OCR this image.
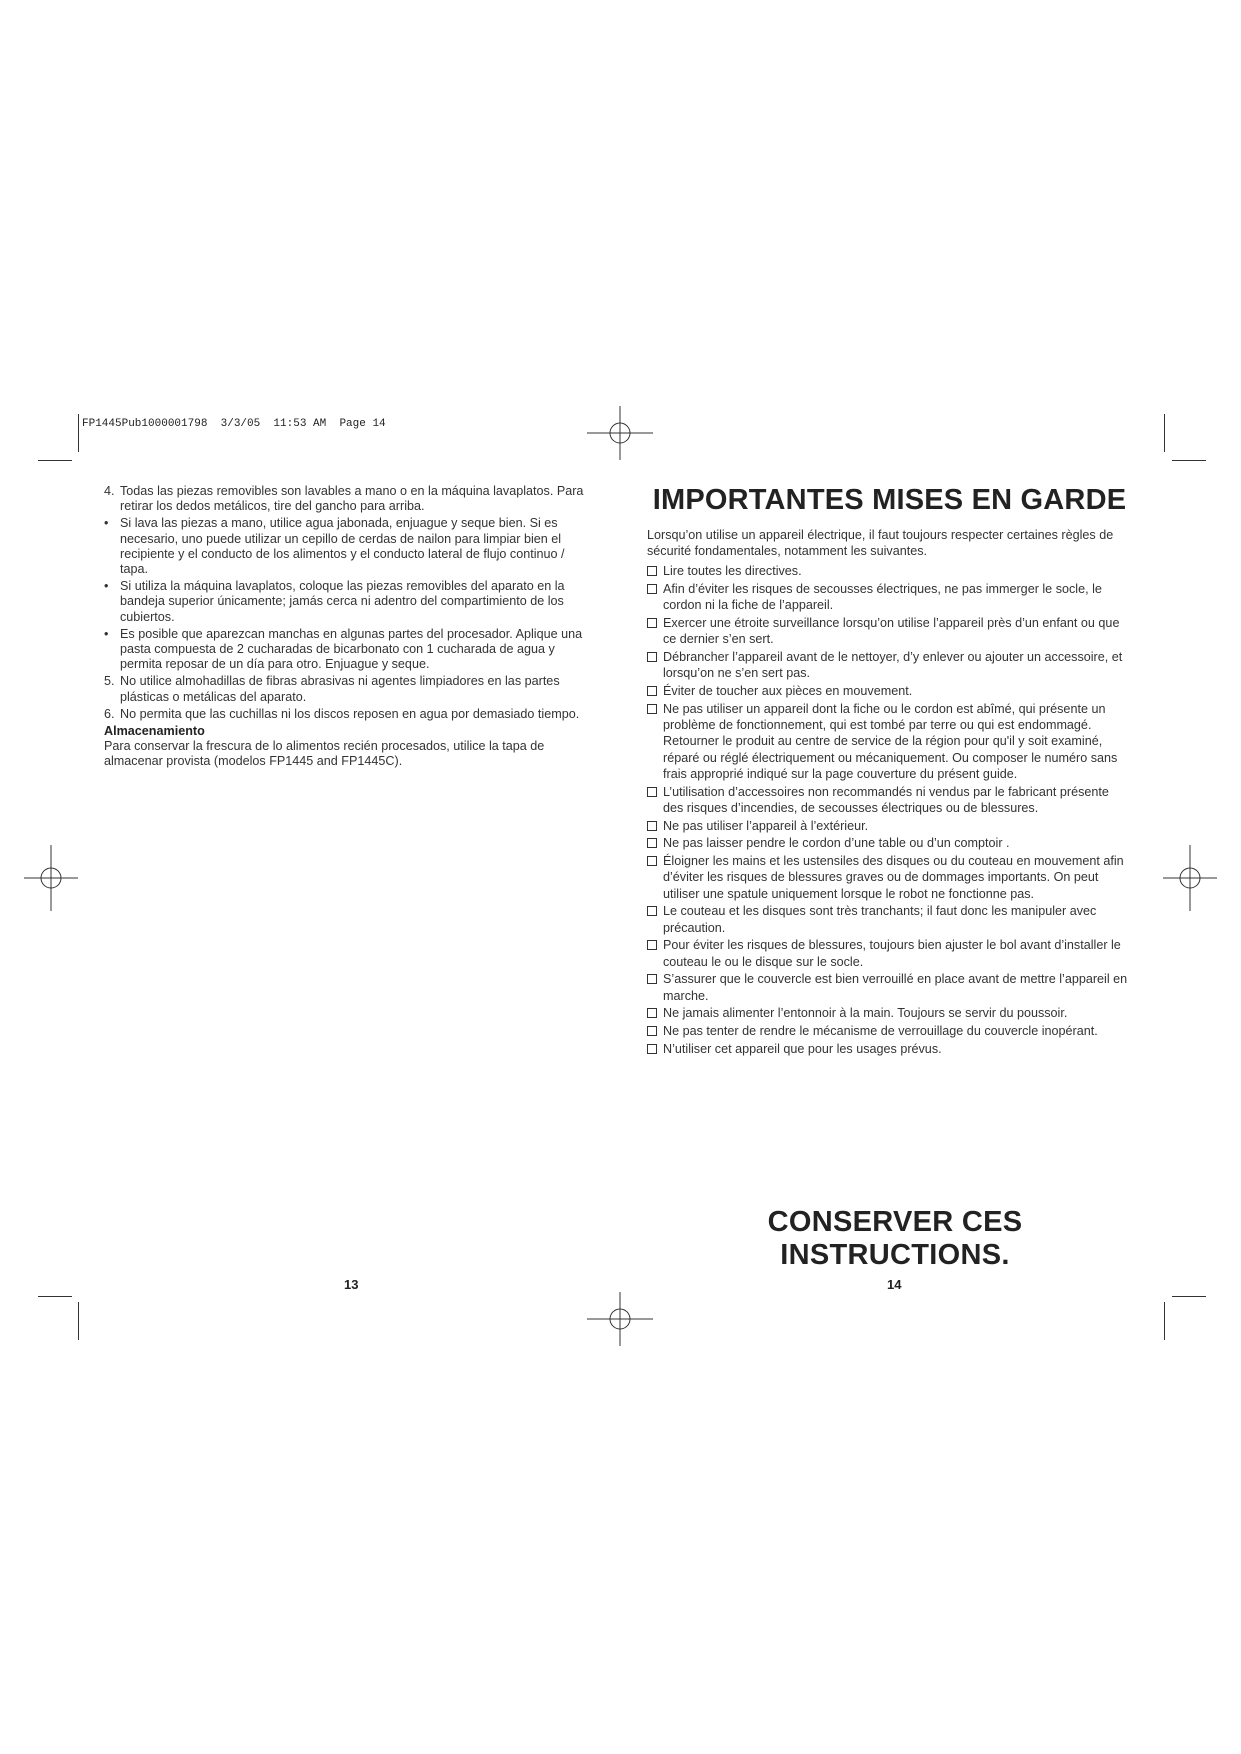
FP1445Pub1000001798  3/3/05  11:53 AM  Page 14
4. Todas las piezas removibles son lavables a mano o en la máquina lavaplatos. Para retirar los dedos metálicos, tire del gancho para arriba.
• Si lava las piezas a mano, utilice agua jabonada, enjuague y seque bien. Si es necesario, uno puede utilizar un cepillo de cerdas de nailon para limpiar bien el recipiente y el conducto de los alimentos y el conducto lateral de flujo continuo / tapa.
• Si utiliza la máquina lavaplatos, coloque las piezas removibles del aparato en la bandeja superior únicamente; jamás cerca ni adentro del compartimiento de los cubiertos.
• Es posible que aparezcan manchas en algunas partes del procesador. Aplique una pasta compuesta de 2 cucharadas de bicarbonato con 1 cucharada de agua y permita reposar de un día para otro. Enjuague y seque.
5. No utilice almohadillas de fibras abrasivas ni agentes limpiadores en las partes plásticas o metálicas del aparato.
6. No permita que las cuchillas ni los discos reposen en agua por demasiado tiempo.
Almacenamiento
Para conservar la frescura de lo alimentos recién procesados, utilice la tapa de almacenar provista (modelos FP1445 and FP1445C).
IMPORTANTES MISES EN GARDE
Lorsqu’on utilise un appareil électrique, il faut toujours respecter certaines règles de sécurité fondamentales, notamment les suivantes.
Lire toutes les directives.
Afin d’éviter les risques de secousses électriques, ne pas immerger le socle, le cordon ni la fiche de l’appareil.
Exercer une étroite surveillance lorsqu’on utilise l’appareil près d’un enfant ou que ce dernier s’en sert.
Débrancher l’appareil avant de le nettoyer, d’y enlever ou ajouter un accessoire, et lorsqu’on ne s’en sert pas.
Éviter de toucher aux pièces en mouvement.
Ne pas utiliser un appareil dont la fiche ou le cordon est abîmé, qui présente un problème de fonctionnement, qui est tombé par terre ou qui est endommagé. Retourner le produit au centre de service de la région pour qu'il y soit examiné, réparé ou réglé électriquement ou mécaniquement. Ou composer le numéro sans frais approprié indiqué sur la page couverture du présent guide.
L’utilisation d’accessoires non recommandés ni vendus par le fabricant présente des risques d’incendies, de secousses électriques ou de blessures.
Ne pas utiliser l’appareil à l’extérieur.
Ne pas laisser pendre le cordon d’une table ou d’un comptoir .
Éloigner les mains et les ustensiles des disques ou du couteau en mouvement afin d’éviter les risques de blessures graves ou de dommages importants. On peut utiliser une spatule uniquement lorsque le robot ne fonctionne pas.
Le couteau et les disques sont très tranchants; il faut donc les manipuler avec précaution.
Pour éviter les risques de blessures, toujours bien ajuster le bol avant d’installer le couteau le ou le disque sur le socle.
S’assurer que le couvercle est bien verrouillé en place avant de mettre l’appareil en marche.
Ne jamais alimenter l’entonnoir à la main. Toujours se servir du poussoir.
Ne pas tenter de rendre le mécanisme de verrouillage du couvercle inopérant.
N’utiliser cet appareil que pour les usages prévus.
CONSERVER CES INSTRUCTIONS.
13	14
